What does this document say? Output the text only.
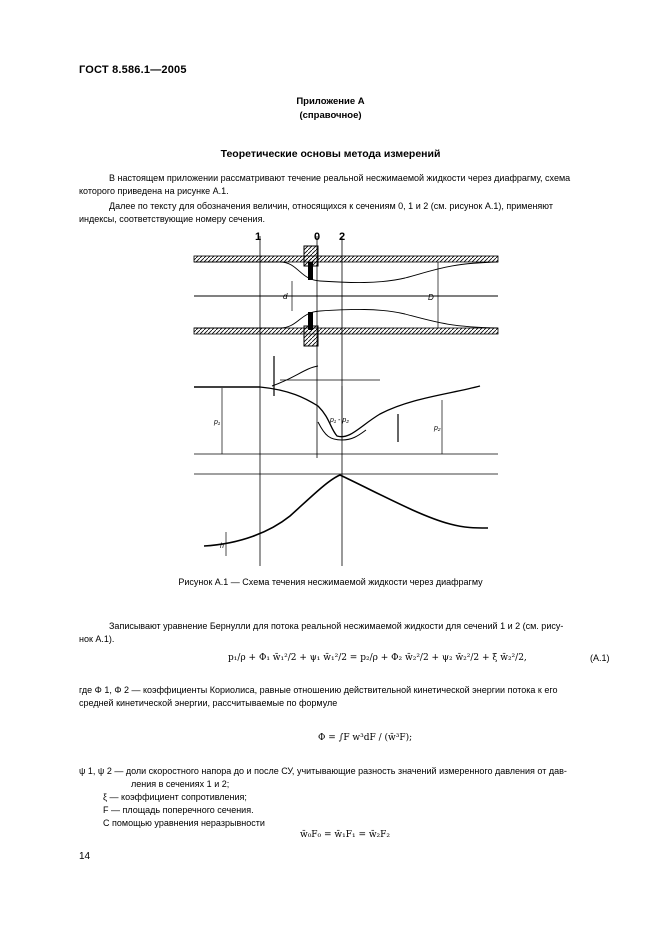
ГОСТ 8.586.1—2005
Приложение А
(справочное)
Теоретические основы метода измерений
В настоящем приложении рассматривают течение реальной несжимаемой жидкости через диафрагму, схема
которого приведена на рисунке А.1.
Далее по тексту для обозначения величин, относящихся к сечениям 0, 1 и 2 (см. рисунок А.1), применяют
индексы, соответствующие номеру сечения.
1	0 2
d	D
p₁
p₂
p₁ - p₂
h
Рисунок А.1 — Схема течения несжимаемой жидкости через диафрагму
Записывают уравнение Бернулли для потока реальной несжимаемой жидкости для сечений 1 и 2 (см. рису-
нок А.1).
p₁/ρ + Φ₁ w̄₁²/2 + ψ₁ w̄₁²/2 = p₂/ρ + Φ₂ w̄₂²/2 + ψ₂ w̄₂²/2 + ξ w̄₂²/2,	(А.1)
где Φ 1, Φ 2 — коэффициенты Кориолиса, равные отношению действительной кинетической энергии потока к его
средней кинетической энергии, рассчитываемые по формуле
Φ = ∫F w³dF / (w̄³F);
ψ 1, ψ 2 — доли скоростного напора до и после СУ, учитывающие разность значений измеренного давления от дав-
ления в сечениях 1 и 2;
ξ — коэффициент сопротивления;
F — площадь поперечного сечения.
С помощью уравнения неразрывности
w̄₀F₀ = w̄₁F₁ = w̄₂F₂
14
